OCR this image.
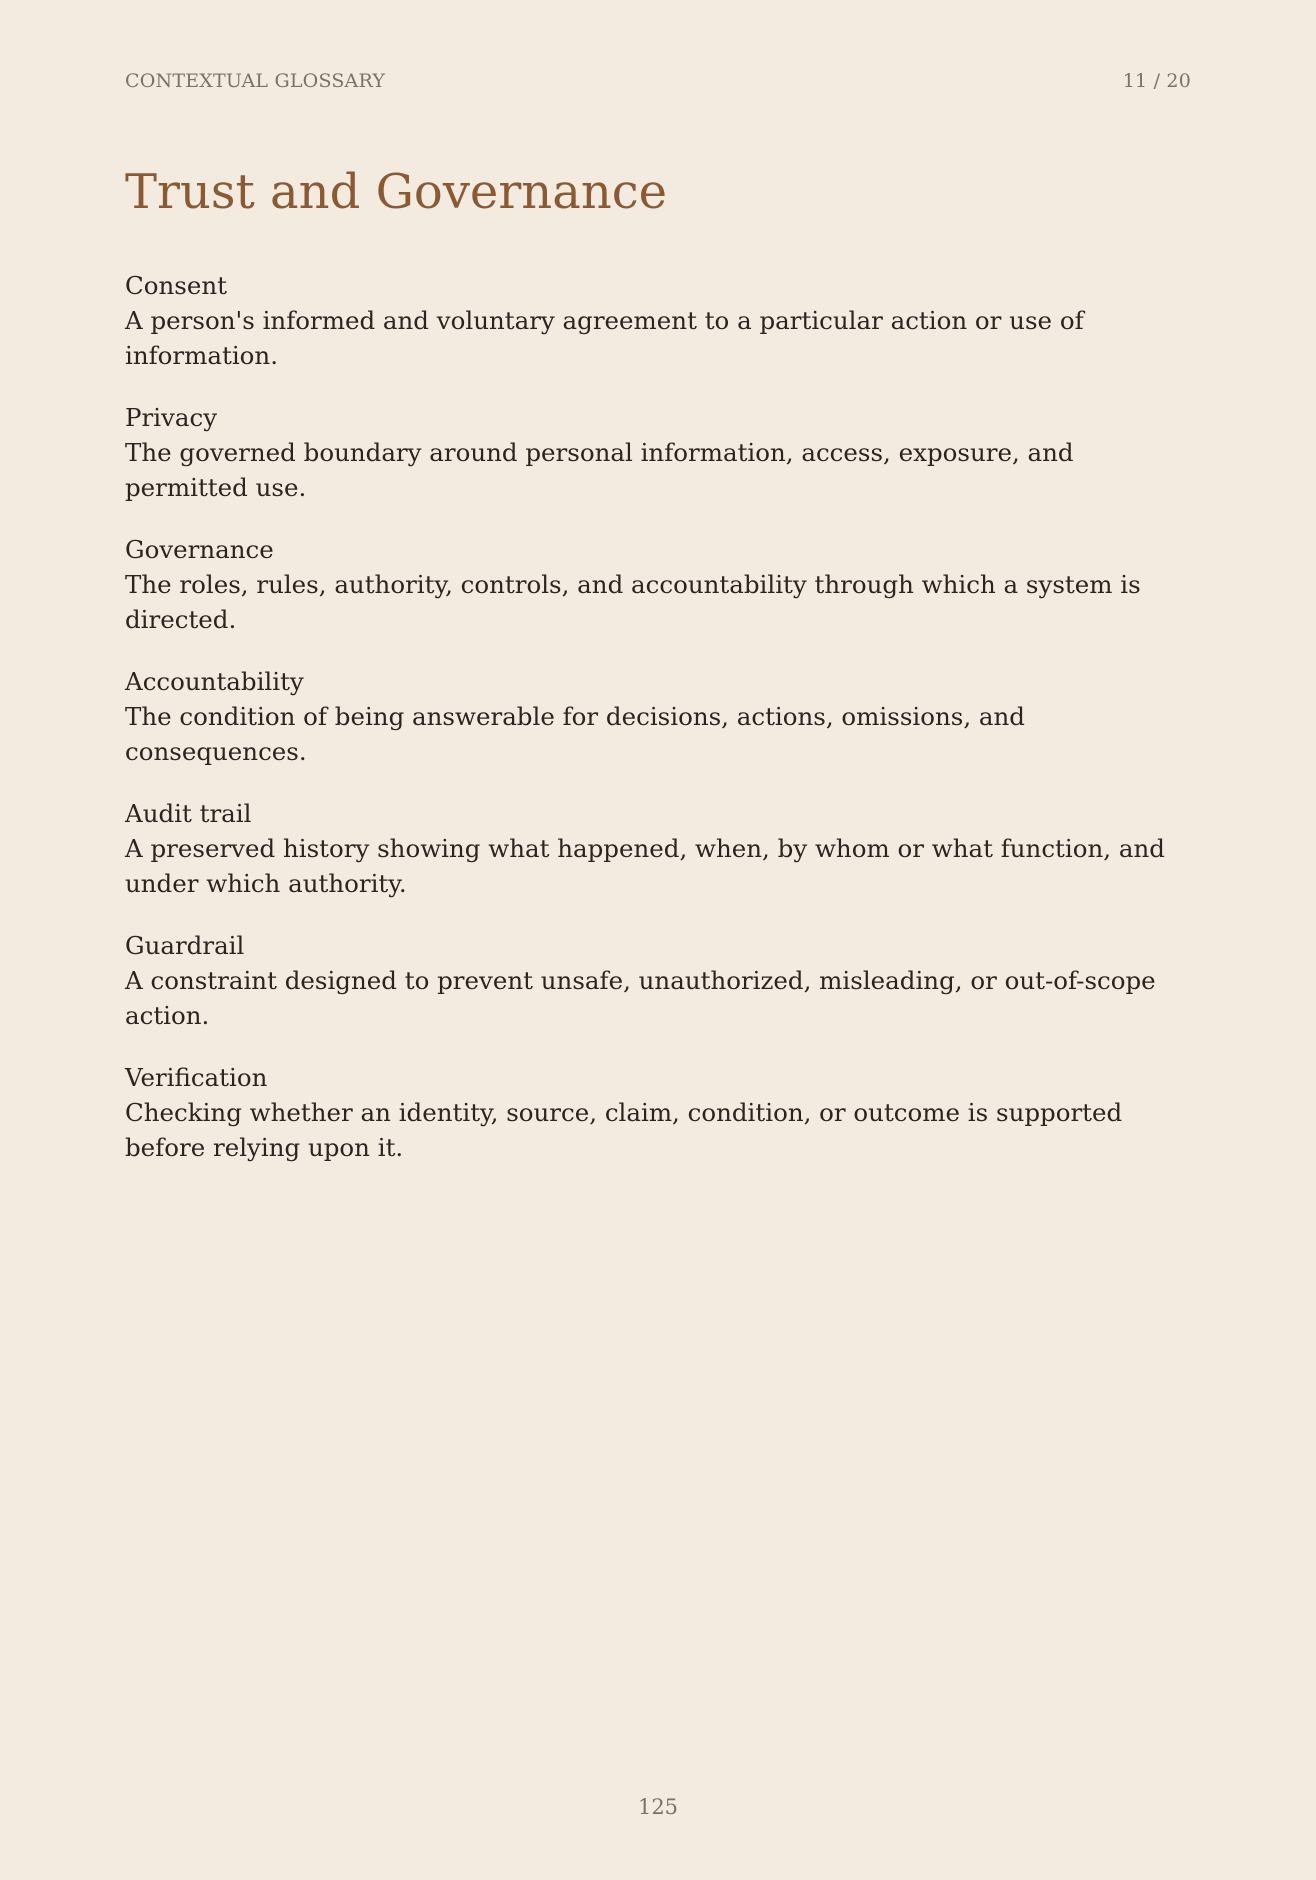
CONTEXTUAL GLOSSARY	11 / 20
Trust and Governance
Consent
A person's informed and voluntary agreement to a particular action or use of information.
Privacy
The governed boundary around personal information, access, exposure, and permitted use.
Governance
The roles, rules, authority, controls, and accountability through which a system is directed.
Accountability
The condition of being answerable for decisions, actions, omissions, and consequences.
Audit trail
A preserved history showing what happened, when, by whom or what function, and under which authority.
Guardrail
A constraint designed to prevent unsafe, unauthorized, misleading, or out-of-scope action.
Verification
Checking whether an identity, source, claim, condition, or outcome is supported before relying upon it.
125
